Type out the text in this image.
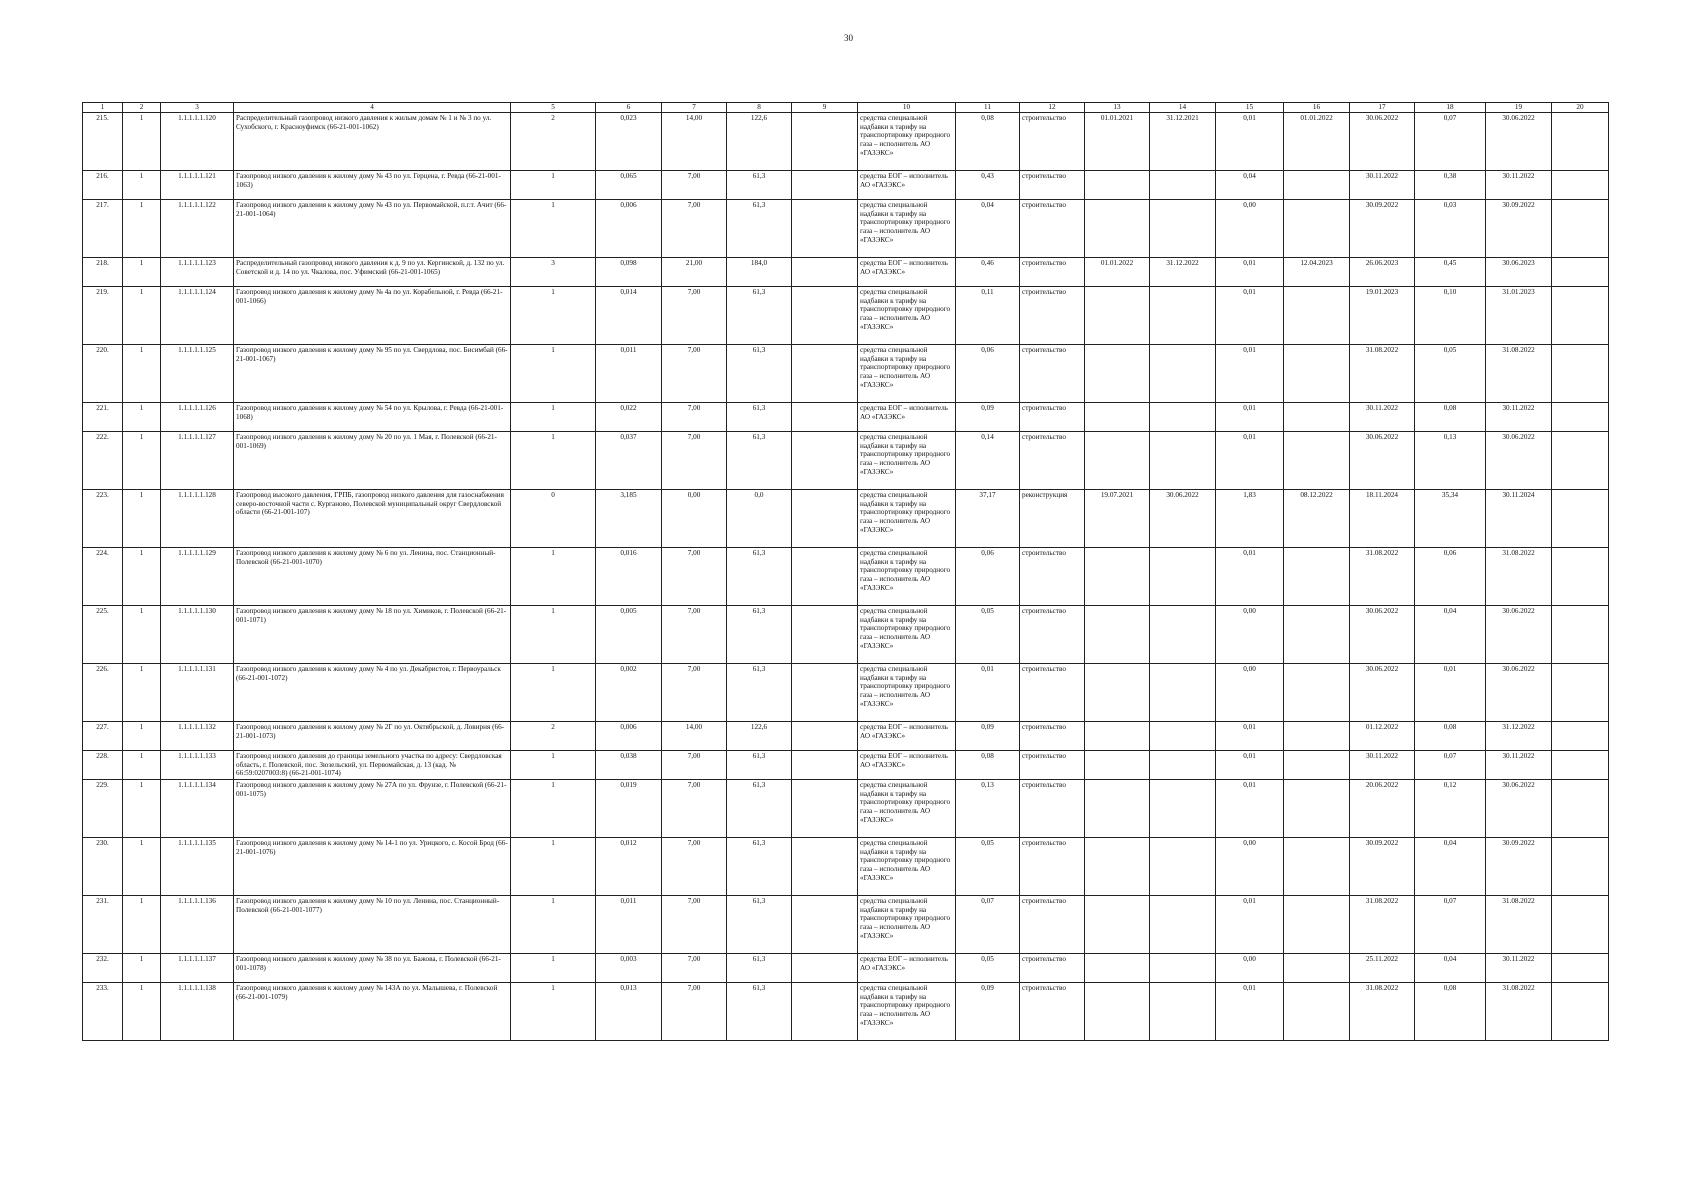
30
1	2	3	4	5	6	7	8	9	10	11	12	13	14	15	16	17	18	19	20
215.	1	1.1.1.1.1.120	Распределительный газопровод низкого давления к жилым домам № 1 и № 3 по ул. Сухобского, г. Красноуфимск (66-21-001-1062)	2	0,023	14,00	122,6		средства специальной надбавки к тарифу на транспортировку природного газа – исполнитель АО «ГАЗЭКС»	0,08	строительство	01.01.2021	31.12.2021	0,01	01.01.2022	30.06.2022	0,07	30.06.2022	
216.	1	1.1.1.1.1.121	Газопровод низкого давления к жилому дому № 43 по ул. Герцена, г. Ревда (66-21-001-1063)	1	0,065	7,00	61,3		средства ЕОГ – исполнитель АО «ГАЗЭКС»	0,43	строительство			0,04		30.11.2022	0,38	30.11.2022	
217.	1	1.1.1.1.1.122	Газопровод низкого давления к жилому дому № 43 по ул. Первомайской, п.г.т. Ачит (66-21-001-1064)	1	0,006	7,00	61,3		средства специальной надбавки к тарифу на транспортировку природного газа – исполнитель АО «ГАЗЭКС»	0,04	строительство			0,00		30.09.2022	0,03	30.09.2022	
218.	1	1.1.1.1.1.123	Распределительный газопровод низкого давления к д. 9 по ул. Кергинской, д. 132 по ул. Советской и д. 14 по ул. Чкалова, пос. Уфимский (66-21-001-1065)	3	0,098	21,00	184,0		средства ЕОГ – исполнитель АО «ГАЗЭКС»	0,46	строительство	01.01.2022	31.12.2022	0,01	12.04.2023	26.06.2023	0,45	30.06.2023	
219.	1	1.1.1.1.1.124	Газопровод низкого давления к жилому дому № 4а по ул. Корабельной, г. Ревда (66-21-001-1066)	1	0,014	7,00	61,3		средства специальной надбавки к тарифу на транспортировку природного газа – исполнитель АО «ГАЗЭКС»	0,11	строительство			0,01		19.01.2023	0,10	31.01.2023	
220.	1	1.1.1.1.1.125	Газопровод низкого давления к жилому дому № 95 по ул. Свердлова, пос. Бисимбай (66-21-001-1067)	1	0,011	7,00	61,3		средства специальной надбавки к тарифу на транспортировку природного газа – исполнитель АО «ГАЗЭКС»	0,06	строительство			0,01		31.08.2022	0,05	31.08.2022	
221.	1	1.1.1.1.1.126	Газопровод низкого давления к жилому дому № 54 по ул. Крылова, г. Ревда (66-21-001-1068)	1	0,022	7,00	61,3		средства ЕОГ – исполнитель АО «ГАЗЭКС»	0,09	строительство			0,01		30.11.2022	0,08	30.11.2022	
222.	1	1.1.1.1.1.127	Газопровод низкого давления к жилому дому № 20 по ул. 1 Мая, г. Полевской (66-21-001-1069)	1	0,037	7,00	61,3		средства специальной надбавки к тарифу на транспортировку природного газа – исполнитель АО «ГАЗЭКС»	0,14	строительство			0,01		30.06.2022	0,13	30.06.2022	
223.	1	1.1.1.1.1.128	Газопровод высокого давления, ГРПБ, газопровод низкого давления для газоснабжения северо-восточной части с. Курганово, Полевской муниципальный округ Свердловской области (66-21-001-107)	0	3,185	0,00	0,0		средства специальной надбавки к тарифу на транспортировку природного газа – исполнитель АО «ГАЗЭКС»	37,17	реконструкция	19.07.2021	30.06.2022	1,83	08.12.2022	18.11.2024	35,34	30.11.2024	
224.	1	1.1.1.1.1.129	Газопровод низкого давления к жилому дому № 6 по ул. Ленина, пос. Станционный-Полевской (66-21-001-1070)	1	0,016	7,00	61,3		средства специальной надбавки к тарифу на транспортировку природного газа – исполнитель АО «ГАЗЭКС»	0,06	строительство			0,01		31.08.2022	0,06	31.08.2022	
225.	1	1.1.1.1.1.130	Газопровод низкого давления к жилому дому № 18 по ул. Химиков, г. Полевской (66-21-001-1071)	1	0,005	7,00	61,3		средства специальной надбавки к тарифу на транспортировку природного газа – исполнитель АО «ГАЗЭКС»	0,05	строительство			0,00		30.06.2022	0,04	30.06.2022	
226.	1	1.1.1.1.1.131	Газопровод низкого давления к жилому дому № 4 по ул. Декабристов, г. Первоуральск (66-21-001-1072)	1	0,002	7,00	61,3		средства специальной надбавки к тарифу на транспортировку природного газа – исполнитель АО «ГАЗЭКС»	0,01	строительство			0,00		30.06.2022	0,01	30.06.2022	
227.	1	1.1.1.1.1.132	Газопровод низкого давления к жилому дому № 2Г по ул. Октябрьской, д. Ловирня (66-21-001-1073)	2	0,006	14,00	122,6		средства ЕОГ – исполнитель АО «ГАЗЭКС»	0,09	строительство			0,01		01.12.2022	0,08	31.12.2022	
228.	1	1.1.1.1.1.133	Газопровод низкого давления до границы земельного участка по адресу: Свердловская область, г. Полевской, пос. Зюзельский, ул. Первомайская, д. 13 (кад. № 66:59:0207003:8) (66-21-001-1074)	1	0,038	7,00	61,3		средства ЕОГ – исполнитель АО «ГАЗЭКС»	0,08	строительство			0,01		30.11.2022	0,07	30.11.2022	
229.	1	1.1.1.1.1.134	Газопровод низкого давления к жилому дому № 27А по ул. Фрунзе, г. Полевской (66-21-001-1075)	1	0,019	7,00	61,3		средства специальной надбавки к тарифу на транспортировку природного газа – исполнитель АО «ГАЗЭКС»	0,13	строительство			0,01		20.06.2022	0,12	30.06.2022	
230.	1	1.1.1.1.1.135	Газопровод низкого давления к жилому дому № 14-1 по ул. Урицкого, с. Косой Брод (66-21-001-1076)	1	0,012	7,00	61,3		средства специальной надбавки к тарифу на транспортировку природного газа – исполнитель АО «ГАЗЭКС»	0,05	строительство			0,00		30.09.2022	0,04	30.09.2022	
231.	1	1.1.1.1.1.136	Газопровод низкого давления к жилому дому № 10 по ул. Ленина, пос. Станционный-Полевской (66-21-001-1077)	1	0,011	7,00	61,3		средства специальной надбавки к тарифу на транспортировку природного газа – исполнитель АО «ГАЗЭКС»	0,07	строительство			0,01		31.08.2022	0,07	31.08.2022	
232.	1	1.1.1.1.1.137	Газопровод низкого давления к жилому дому № 38 по ул. Бажова, г. Полевской (66-21-001-1078)	1	0,003	7,00	61,3		средства ЕОГ – исполнитель АО «ГАЗЭКС»	0,05	строительство			0,00		25.11.2022	0,04	30.11.2022	
233.	1	1.1.1.1.1.138	Газопровод низкого давления к жилому дому № 143А по ул. Малышева, г. Полевской (66-21-001-1079)	1	0,013	7,00	61,3		средства специальной надбавки к тарифу на транспортировку природного газа – исполнитель АО «ГАЗЭКС»	0,09	строительство			0,01		31.08.2022	0,08	31.08.2022	
